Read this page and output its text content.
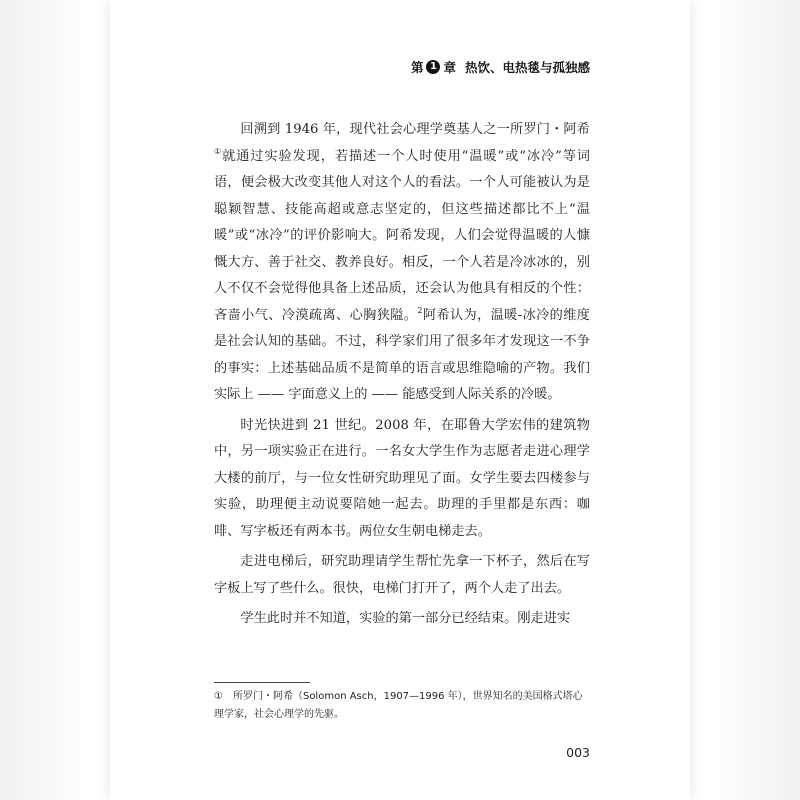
第 1 章 热饮、电热毯与孤独感

回溯到 1946 年，现代社会心理学奠基人之一所罗门・阿希①就通过实验发现，若描述一个人时使用“温暖”或“冰冷”等词语，便会极大改变其他人对这个人的看法。一个人可能被认为是聪颖智慧、技能高超或意志坚定的，但这些描述都比不上“温暖”或“冰冷”的评价影响大。阿希发现，人们会觉得温暖的人慷慨大方、善于社交、教养良好。相反，一个人若是冷冰冰的，别人不仅不会觉得他具备上述品质，还会认为他具有相反的个性：吝啬小气、冷漠疏离、心胸狭隘。$^2$阿希认为，温暖-冰冷的维度是社会认知的基础。不过，科学家们用了很多年才发现这一不争的事实：上述基础品质不是简单的语言或思维隐喻的产物。我们实际上 —— 字面意义上的 —— 能感受到人际关系的冷暖。

时光快进到 21 世纪。2008 年，在耶鲁大学宏伟的建筑物中，另一项实验正在进行。一名女大学生作为志愿者走进心理学大楼的前厅，与一位女性研究助理见了面。女学生要去四楼参与实验，助理便主动说要陪她一起去。助理的手里都是东西：咖啡、写字板还有两本书。两位女生朝电梯走去。

走进电梯后，研究助理请学生帮忙先拿一下杯子，然后在写字板上写了些什么。很快，电梯门打开了，两个人走了出去。

学生此时并不知道，实验的第一部分已经结束。刚走进实

① 所罗门・阿希（Solomon Asch，1907—1996 年），世界知名的美国格式塔心理学家，社会心理学的先驱。
003
